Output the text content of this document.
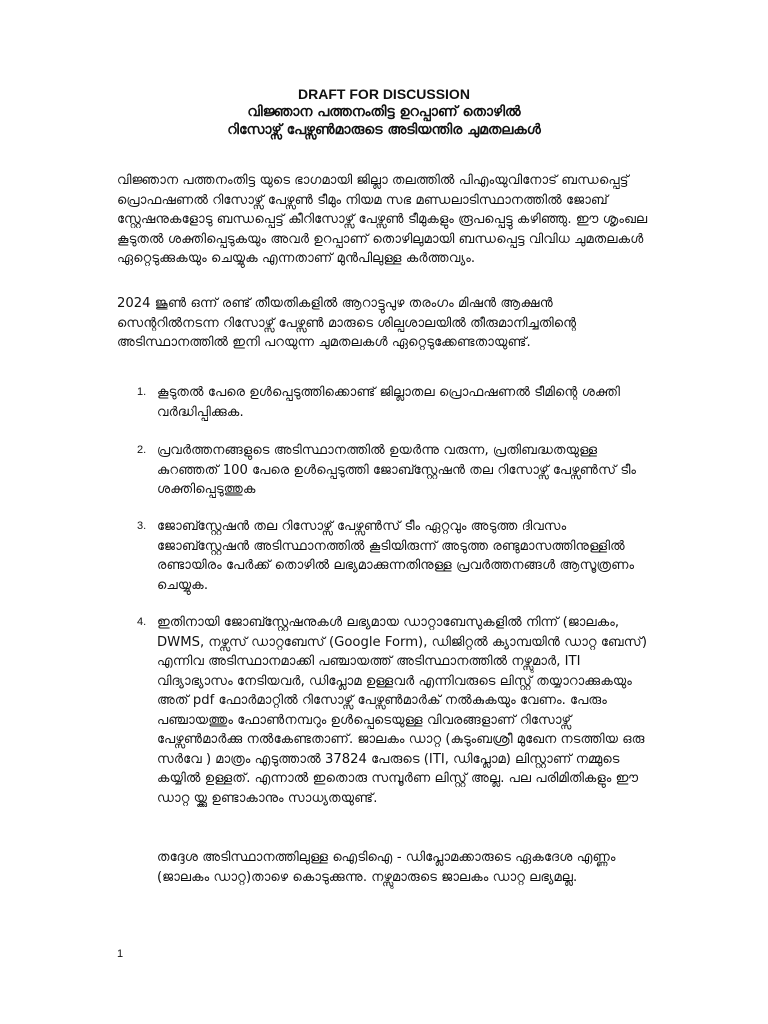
DRAFT FOR DISCUSSION
വിജ്ഞാന പത്തനംതിട്ട ഉറപ്പാണ് തൊഴിൽ
റിസോഴ്സ് പേഴ്സൺമാരുടെ അടിയന്തിര ചുമതലകൾ
വിജ്ഞാന പത്തനംതിട്ട യുടെ ഭാഗമായി ജില്ലാ തലത്തിൽ പിഎംയുവിനോട് ബന്ധപ്പെട്ട് പ്രൊഫഷണൽ റിസോഴ്സ് പേഴ്സൺ ടീമും നിയമ സഭ മണ്ഡലാടിസ്ഥാനത്തിൽ ജോബ് സ്റ്റേഷനുകളോടു ബന്ധപ്പെട്ട് കീറിസോഴ്സ് പേഴ്സൺ ടീമുകളും രൂപപ്പെട്ടു കഴിഞ്ഞു. ഈ ശൃംഖല കൂടുതൽ ശക്തിപ്പെടുകയും അവർ ഉറപ്പാണ് തൊഴിലുമായി ബന്ധപ്പെട്ട വിവിധ ചുമതലകൾ ഏറ്റെടുക്കുകയും ചെയ്യുക എന്നതാണ് മുൻപിലുള്ള കർത്തവ്യം.
2024 ജൂൺ ഒന്ന് രണ്ട് തീയതികളിൽ ആറാട്ടുപുഴ തരംഗം മിഷൻ ആക്ഷൻ സെന്ററിൽനടന്ന റിസോഴ്സ് പേഴ്സൺ മാരുടെ ശില്പശാലയിൽ തീരുമാനിച്ചതിന്റെ അടിസ്ഥാനത്തിൽ ഇനി പറയുന്ന ചുമതലകൾ ഏറ്റെടുക്കേണ്ടതായുണ്ട്.
1. കൂടുതൽ പേരെ ഉൾപ്പെടുത്തിക്കൊണ്ട് ജില്ലാതല പ്രൊഫഷണൽ ടീമിന്റെ ശക്തി വർദ്ധിപ്പിക്കുക.
2. പ്രവർത്തനങ്ങളുടെ അടിസ്ഥാനത്തിൽ ഉയർന്നു വരുന്ന, പ്രതിബദ്ധതയുള്ള കുറഞ്ഞത് 100 പേരെ ഉൾപ്പെടുത്തി ജോബ്സ്റ്റേഷൻ തല റിസോഴ്സ് പേഴ്സൺസ് ടീം ശക്തിപ്പെടുത്തുക
3. ജോബ്സ്റ്റേഷൻ തല റിസോഴ്സ് പേഴ്സൺസ് ടീം ഏറ്റവും അടുത്ത ദിവസം ജോബ്സ്റ്റേഷൻ അടിസ്ഥാനത്തിൽ കൂടിയിരുന്ന് അടുത്ത രണ്ടുമാസത്തിനുള്ളിൽ രണ്ടായിരം പേർക്ക് തൊഴിൽ ലഭ്യമാക്കുന്നതിനുള്ള പ്രവർത്തനങ്ങൾ ആസൂത്രണം ചെയ്യുക.
4. ഇതിനായി ജോബ്സ്റ്റേഷനുകൾ ലഭ്യമായ ഡാറ്റാബേസുകളിൽ നിന്ന് (ജാലകം, DWMS, നഴ്സസ് ഡാറ്റബേസ് (Google Form), ഡിജിറ്റൽ ക്യാമ്പയിൻ ഡാറ്റ ബേസ്) എന്നിവ അടിസ്ഥാനമാക്കി പഞ്ചായത്ത് അടിസ്ഥാനത്തിൽ നഴ്സുമാർ, ITI വിദ്യാഭ്യാസം നേടിയവർ, ഡിപ്ലോമ ഉള്ളവർ എന്നിവരുടെ ലിസ്റ്റ് തയ്യാറാക്കുകയും അത് pdf ഫോർമാറ്റിൽ റിസോഴ്സ് പേഴ്സൺമാർക് നൽകുകയും വേണം. പേരും പഞ്ചായത്തും ഫോൺനമ്പറും ഉൾപ്പെടെയുള്ള വിവരങ്ങളാണ് റിസോഴ്സ് പേഴ്സൺമാർക്കു നൽകേണ്ടതാണ്. ജാലകം ഡാറ്റ (കുടുംബശ്രീ മുഖേന നടത്തിയ ഒരു സർവേ ) മാത്രം എടുത്താൽ 37824 പേരുടെ (ITI, ഡിപ്ലോമ) ലിസ്റ്റാണ് നമ്മുടെ കയ്യിൽ ഉള്ളത്. എന്നാൽ ഇതൊരു സമ്പൂർണ ലിസ്റ്റ് അല്ല. പല പരിമിതികളും ഈ ഡാറ്റ യ്ക്കു ഉണ്ടാകാനും സാധ്യതയുണ്ട്.
തദ്ദേശ അടിസ്ഥാനത്തിലുള്ള ഐടിഐ - ഡിപ്ലോമക്കാരുടെ ഏകദേശ എണ്ണം (ജാലകം ഡാറ്റ)താഴെ കൊടുക്കുന്നു. നഴ്സുമാരുടെ ജാലകം ഡാറ്റ ലഭ്യമല്ല.
1
